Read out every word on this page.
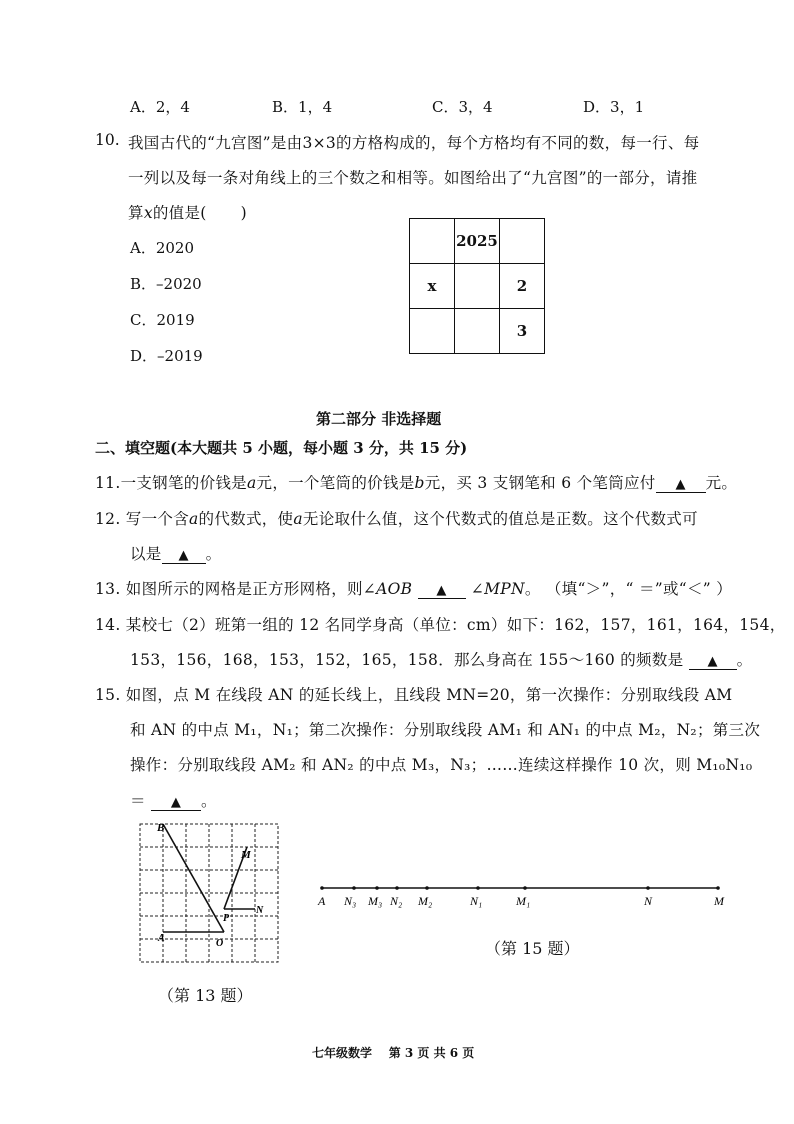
A．2，4	B．1，4	C．3，4	D．3，1
10. 我国古代的“九宫图”是由3×3的方格构成的，每个方格均有不同的数，每一行、每
一列以及每一条对角线上的三个数之和相等。如图给出了“九宫图”的一部分，请推
算x的值是( )
A．2020
B．–2020
C．2019
D．–2019
	2025	
x		2
		3
第二部分 非选择题
二、填空题(本大题共 5 小题，每小题 3 分，共 15 分)
11.一支钢笔的价钱是a元，一个笔筒的价钱是b元，买 3 支钢笔和 6 个笔筒应付 ▲ 元。
12. 写一个含a的代数式，使a无论取什么值，这个代数式的值总是正数。这个代数式可
以是 ▲ 。
13. 如图所示的网格是正方形网格，则∠AOB ▲ ∠MPN。 （填“＞”，“ ＝”或“＜” ）
14. 某校七（2）班第一组的 12 名同学身高（单位：cm）如下：162，157，161，164，154，
153，156，168，153，152，165，158．那么身高在 155～160 的频数是 ▲ 。
15. 如图，点 M 在线段 AN 的延长线上，且线段 MN=20，第一次操作：分别取线段 AM
和 AN 的中点 M₁，N₁；第二次操作：分别取线段 AM₁ 和 AN₁ 的中点 M₂，N₂；第三次
操作：分别取线段 AM₂ 和 AN₂ 的中点 M₃，N₃；……连续这样操作 10 次，则 M₁₀N₁₀
＝ ▲ 。
B
M
P
N
A	O
（第 13 题）
A N₃ M₃ N₂ M₂	N₁	M₁	N	M
（第 15 题）
七年级数学    第 3 页 共 6 页
